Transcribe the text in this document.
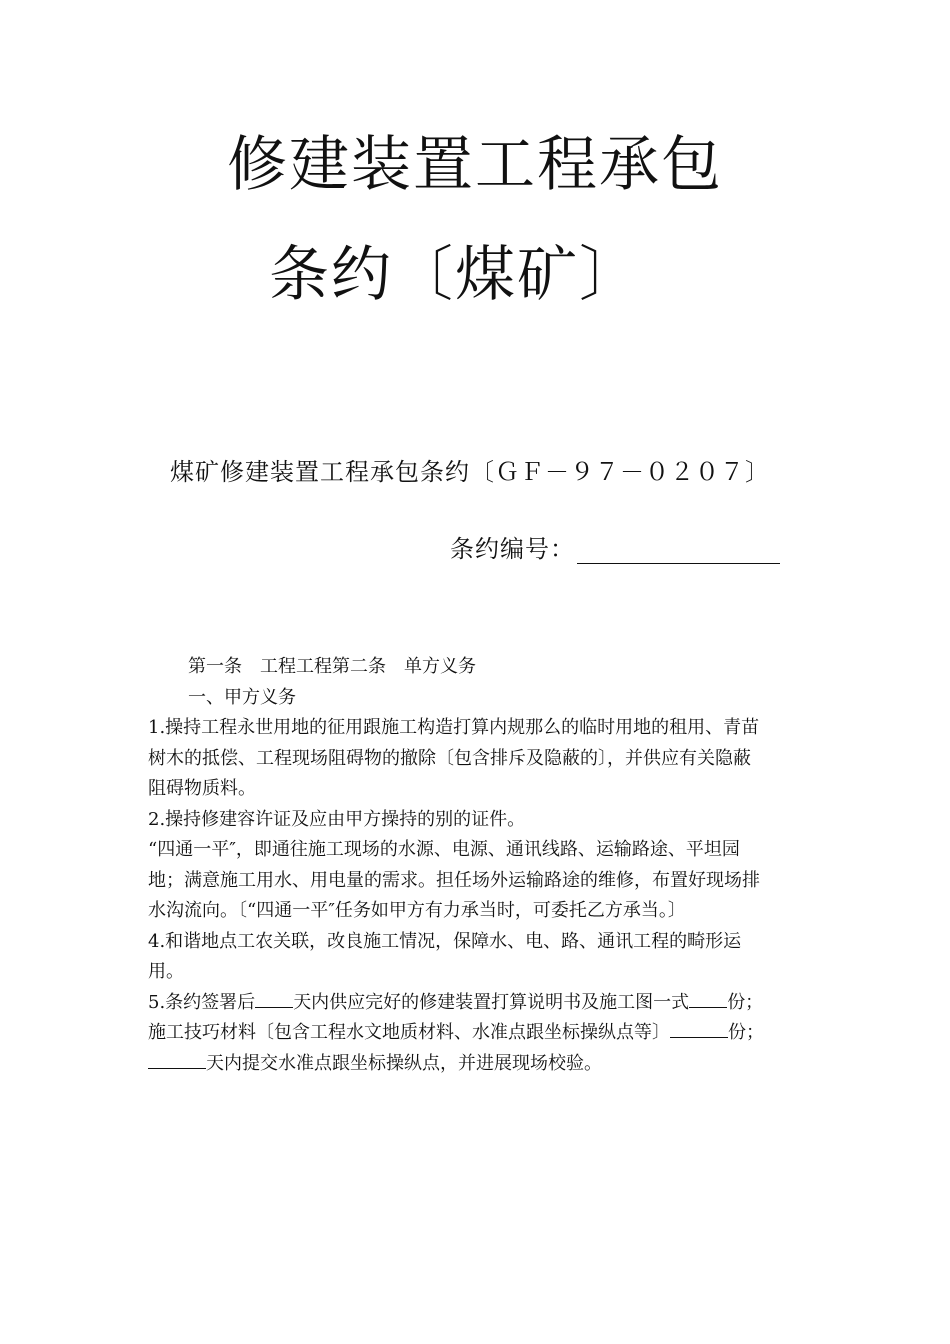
修建装置工程承包
条约〔煤矿〕

煤矿修建装置工程承包条约〔ＧＦ－９７－０２０７〕

条约编号：

第一条　工程工程第二条　单方义务

一、甲方义务

1.操持工程永世用地的征用跟施工构造打算内规那么的临时用地的租用、青苗

树木的抵偿、工程现场阻碍物的撤除〔包含排斥及隐蔽的〕，并供应有关隐蔽

阻碍物质料。

2.操持修建容许证及应由甲方操持的别的证件。

“四通一平″，即通往施工现场的水源、电源、通讯线路、运输路途、平坦园

地；满意施工用水、用电量的需求。担任场外运输路途的维修，布置好现场排

水沟流向。〔“四通一平″任务如甲方有力承当时，可委托乙方承当。〕

4.和谐地点工农关联，改良施工情况，保障水、电、路、通讯工程的畸形运

用。

5.条约签署后 天内供应完好的修建装置打算说明书及施工图一式 份；

施工技巧材料〔包含工程水文地质材料、水准点跟坐标操纵点等〕	份；

天内提交水准点跟坐标操纵点，并进展现场校验。
